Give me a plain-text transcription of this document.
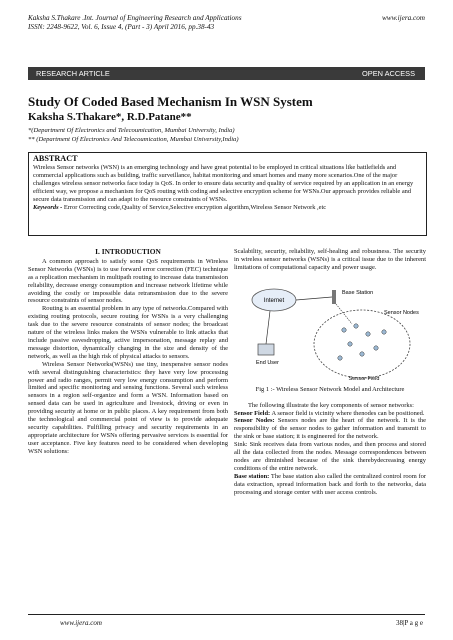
Kaksha S.Thakare .Int. Journal of Engineering Research and Applications
ISSN: 2248-9622, Vol. 6, Issue 4, (Part - 3) April 2016, pp.38-43
www.ijera.com
RESEARCH ARTICLE	OPEN ACCESS
Study Of Coded Based Mechanism In WSN System
Kaksha S.Thakare*, R.D.Patane**
*(Department Of Electronics and Telecoumication, Mumbai University, India)
** (Department Of Electronics And Telecoumication, Mumbai University,India)
ABSTRACT
Wireless Sensor networks (WSN) is an emerging technology and have great potential to be employed in critical situations like battlefields and commercial applications such as building, traffic surveillance, habitat monitoring and smart homes and many more scenarios.One of the major challenges wireless sensor networks face today is QoS. In order to ensure data security and quality of service required by an application in an energy efficient way, we propose a mechanism for QoS routing with coding and selective encryption scheme for WSNs.Our approach provides reliable and secure data transmission and can adapt to the resource constraints of WSNs.
Keywords - Error Correcting code,Quality of Service,Selective encryption algorithm,Wireless Sensor Network ,etc
I. INTRODUCTION

A common approach to satisfy some QoS requirements in Wireless Sensor Networks (WSNs) is to use forward error correction (FEC) technique as a replication mechanism in multipath routing to increase data transmission reliability, decrease energy consumption and increase network lifetime while avoiding the costly or impossible data retransmission due to the severe resource constraints of sensor nodes.

Routing is an essential problem in any type of networks.Compared with existing routing protocols, secure routing for WSNs is a very challenging task due to the severe resource constraints of sensor nodes; the broadcast nature of the wireless links makes the WSNs vulnerable to link attacks that include passive eavesdropping, active impersonation, message replay and message distortion, dynamically changing in the size and density of the network, as well as the high risk of physical attacks to sensors.

Wireless Sensor Networks(WSNs) use tiny, inexpensive sensor nodes with several distinguishing characteristics: they have very low processing power and radio ranges, permit very low energy consumption and perform limited and specific monitoring and sensing functions. Several such wireless sensors in a region self-organize and form a WSN. Information based on sensed data can be used in agriculture and livestock, driving or even in providing security at home or in public places. A key requirement from both the technological and commercial point of view is to provide adequate security capabilities. Fulfilling privacy and security requirements in an appropriate architecture for WSNs offering pervasive services is essential for user acceptance. Five key features need to be considered when developing WSN solutions:

Scalability, security, reliability, self-healing and robustness. The security in wireless sensor networks (WSNs) is a critical issue due to the inherent limitations of computational capacity and power usage.

Internet
Base Station
End User
Sensor Nodes
Sensor Field
Fig 1 :- Wireless Sensor Network Model and Architecture

The following illustrate the key components of sensor networks:

Sensor Field: A sensor field is vicinity where thenodes can be positioned.

Sensor Nodes: Sensors nodes are the heart of the network. It is the responsibility of the sensor nodes to gather information and transmit to the sink or base station; it is engineered for the network.

Sink: Sink receives data from various nodes, and then process and stored all the data collected from the nodes. Message correspondences between nodes are diminished because of the sink therebydecreasing energy conditions of the entire network.

Base station: The base station also called the centralized control room for data extraction, spread information back and forth to the networks, data processing and storage center with user access controls.

www.ijera.com	38|P a g e
